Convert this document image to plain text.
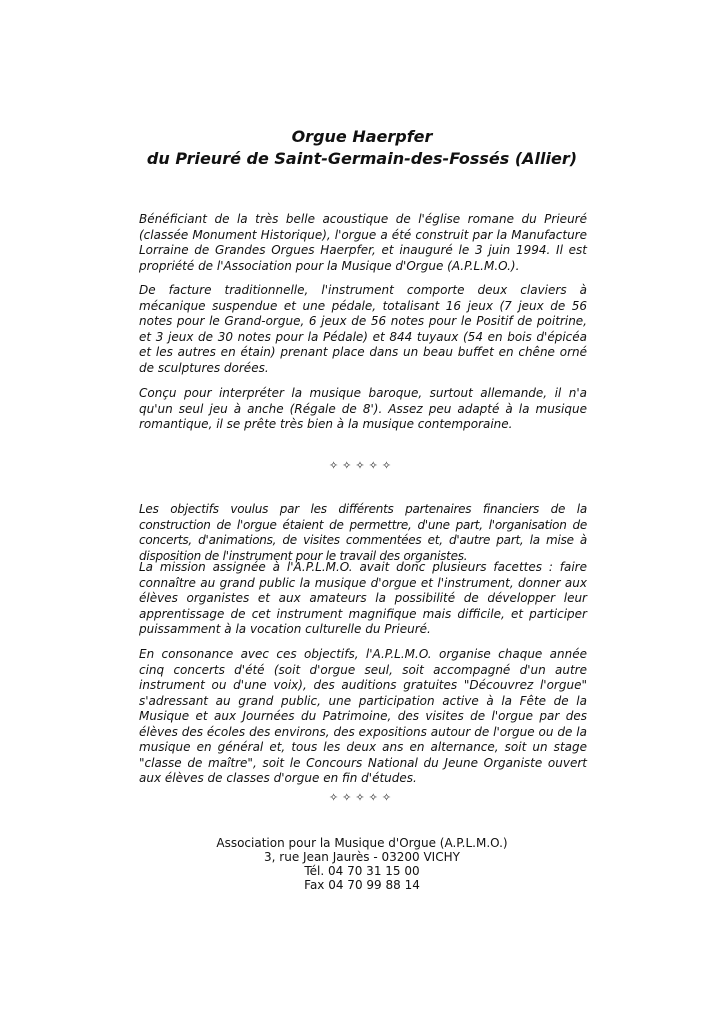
Orgue Haerpfer
du Prieuré de Saint-Germain-des-Fossés (Allier)

Bénéficiant de la très belle acoustique de l'église romane du Prieuré (classée Monument Historique), l'orgue a été construit par la Manufacture Lorraine de Grandes Orgues Haerpfer, et inauguré le 3 juin 1994. Il est propriété de l'Association pour la Musique d'Orgue (A.P.L.M.O.).

De facture traditionnelle, l'instrument comporte deux claviers à mécanique suspendue et une pédale, totalisant 16 jeux (7 jeux de 56 notes pour le Grand-orgue, 6 jeux de 56 notes pour le Positif de poitrine, et 3 jeux de 30 notes pour la Pédale) et 844 tuyaux (54 en bois d'épicéa et les autres en étain) prenant place dans un beau buffet en chêne orné de sculptures dorées.

Conçu pour interpréter la musique baroque, surtout allemande, il n'a qu'un seul jeu à anche (Régale de 8'). Assez peu adapté à la musique romantique, il se prête très bien à la musique contemporaine.

✧✧✧✧✧

Les objectifs voulus par les différents partenaires financiers de la construction de l'orgue étaient de permettre, d'une part, l'organisation de concerts, d'animations, de visites commentées et, d'autre part, la mise à disposition de l'instrument pour le travail des organistes.

La mission assignée à l'A.P.L.M.O. avait donc plusieurs facettes : faire connaître au grand public la musique d'orgue et l'instrument, donner aux élèves organistes et aux amateurs la possibilité de développer leur apprentissage de cet instrument magnifique mais difficile, et participer puissamment à la vocation culturelle du Prieuré.

En consonance avec ces objectifs, l'A.P.L.M.O. organise chaque année cinq concerts d'été (soit d'orgue seul, soit accompagné d'un autre instrument ou d'une voix), des auditions gratuites "Découvrez l'orgue" s'adressant au grand public, une participation active à la Fête de la Musique et aux Journées du Patrimoine, des visites de l'orgue par des élèves des écoles des environs, des expositions autour de l'orgue ou de la musique en général et, tous les deux ans en alternance, soit un stage "classe de maître", soit le Concours National du Jeune Organiste ouvert aux élèves de classes d'orgue en fin d'études.

✧✧✧✧✧
Association pour la Musique d'Orgue (A.P.L.M.O.)
3, rue Jean Jaurès - 03200 VICHY
Tél. 04 70 31 15 00
Fax 04 70 99 88 14
